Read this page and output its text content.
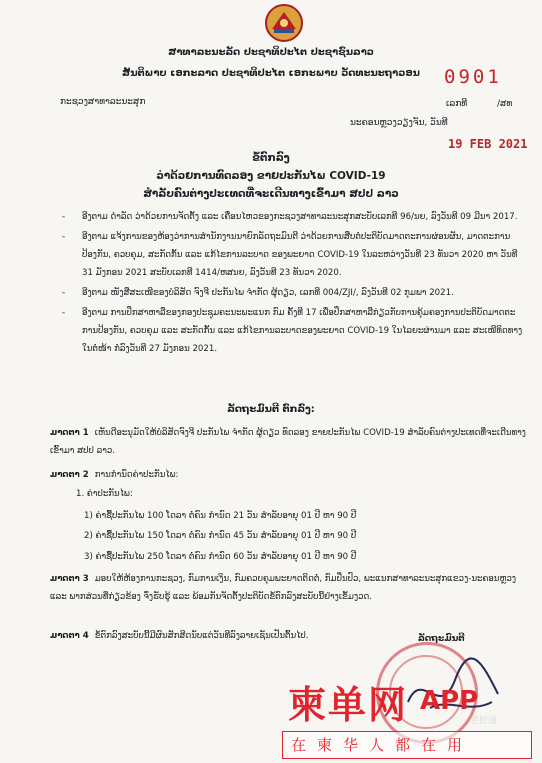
ສາທາລະນະລັດ ປະຊາທິປະໄຕ ປະຊາຊົນລາວ
ສັນຕິພາບ ເອກະລາດ ປະຊາທິປະໄຕ ເອກະພາບ ວັດທະນະຖາວອນ	0901
ກະຊວງສາທາລະນະສຸກ	ເລກທີ	/ສທ
ນະຄອນຫຼວງວຽງຈັນ, ວັນທີ
19 FEB 2021
ຂໍ້ຕົກລົງ
ວ່າດ້ວຍການທົດລອງ ຂາຍປະກັນໄພ COVID-19
ສຳລັບຄົນຕ່າງປະເທດທີ່ຈະເດີນທາງເຂົ້າມາ ສປປ ລາວ
- ອີງຕາມ ດຳລັດ ວ່າດ້ວຍການຈັດຕັ້ງ ແລະ ເຄື່ອນໄຫວຂອງກະຊວງສາທາລະນະສຸກສະບັບເລກທີ 96/ນຍ, ລົງວັນທີ 09 ມີນາ 2017.
- ອີງຕາມ ແຈ້ງການຂອງຫ້ອງວ່າການສຳນັກງານນາຍົກລັດຖະມົນຕີ ວ່າດ້ວຍການສືບຕໍ່ປະຕິບັດມາດຕະການຜ່ອນຜັນ, ມາດຕະການປ້ອງກັນ, ຄວບຄຸມ, ສະກັດກັ້ນ ແລະ ແກ້ໄຂການລະບາດ ຂອງພະຍາດ COVID-19 ໃນລະຫວ່າງວັນທີ 23 ທັນວາ 2020 ຫາ ວັນທີ 31 ມັງກອນ 2021 ສະບັບເລກທີ 1414/ຫສນຍ, ລົງວັນທີ 23 ທັນວາ 2020.
- ອີງຕາມ ໜັງສືສະເໜີຂອງບໍລິສັດ ຈົງຈີ ປະກັນໄພ ຈຳກັດ ຜູ້ດຽວ, ເລກທີ 004/ZJI/, ລົງວັນທີ 02 ກຸມພາ 2021.
- ອີງຕາມ ການປຶກສາຫາລືຂອງກອງປະຊຸມຄະນະພະແນກ ກົມ ຄັ້ງທີ 17 ເພື່ອປຶກສາຫາລືກ່ຽວກັບການຄຸ້ມຄອງການປະຕິບັດມາດຕະການປ້ອງກັນ, ຄວບຄຸມ ແລະ ສະກັດກັ້ນ ແລະ ແກ້ໄຂການລະບາດຂອງພະຍາດ COVID-19 ໃນໄລຍະຜ່ານມາ ແລະ ສະເໜີທິດທາງໃນຕໍ່ໜ້າ ກໍ່ລົງວັນທີ 27 ມັງກອນ 2021.
ລັດຖະມົນຕີ ຕົກລົງ:
ມາດຕາ 1 ເຫັນດີອະນຸມັດໃຫ້ບໍລິສັດຈົງຈີ ປະກັນໄພ ຈຳກັດ ຜູ້ດຽວ ທົດລອງ ຂາຍປະກັນໄພ COVID-19 ສຳລັບຄົນຕ່າງປະເທດທີ່ຈະເດີນທາງເຂົ້າມາ ສປປ ລາວ.
ມາດຕາ 2 ການກຳນົດຄ່າປະກັນໄພ:
1. ຄ່າປະກັນໄພ:
1) ຄ່າຊື້ປະກັນໄພ 100 ໂດລາ ຕໍ່ຄົນ ກຳນົດ 21 ວັນ ສຳລັບອາຍຸ 01 ປີ ຫາ 90 ປີ
2) ຄ່າຊື້ປະກັນໄພ 150 ໂດລາ ຕໍ່ຄົນ ກຳນົດ 45 ວັນ ສຳລັບອາຍຸ 01 ປີ ຫາ 90 ປີ
3) ຄ່າຊື້ປະກັນໄພ 250 ໂດລາ ຕໍ່ຄົນ ກຳນົດ 60 ວັນ ສຳລັບອາຍຸ 01 ປີ ຫາ 90 ປີ
ມາດຕາ 3 ມອບໃຫ້ຫ້ອງການກະຊວງ, ກົມການເງິນ, ກົມຄວບຄຸມພະຍາດຕິດຕໍ່, ກົມປິ່ນປົວ, ພະແນກສາທາລະນະສຸກແຂວງ-ນະຄອນຫຼວງ ແລະ ພາກສ່ວນທີ່ກ່ຽວຂ້ອງ ຈົ່ງຮັບຮູ້ ແລະ ພ້ອມກັນຈັດຕັ້ງປະຕິບັດຂໍ້ຕົກລົງສະບັບນີ້ຢ່າງເຂັ້ມງວດ.
ມາດຕາ 4 ຂໍ້ຕົກລົງສະບັບນີ້ມີຜົນສັກສິດນັບແຕ່ວັນທີລົງລາຍເຊັນເປັນຕົ້ນໄປ.	ລັດຖະມົນຕີ
柬单网 APP
老挝通
在柬华人都在用
